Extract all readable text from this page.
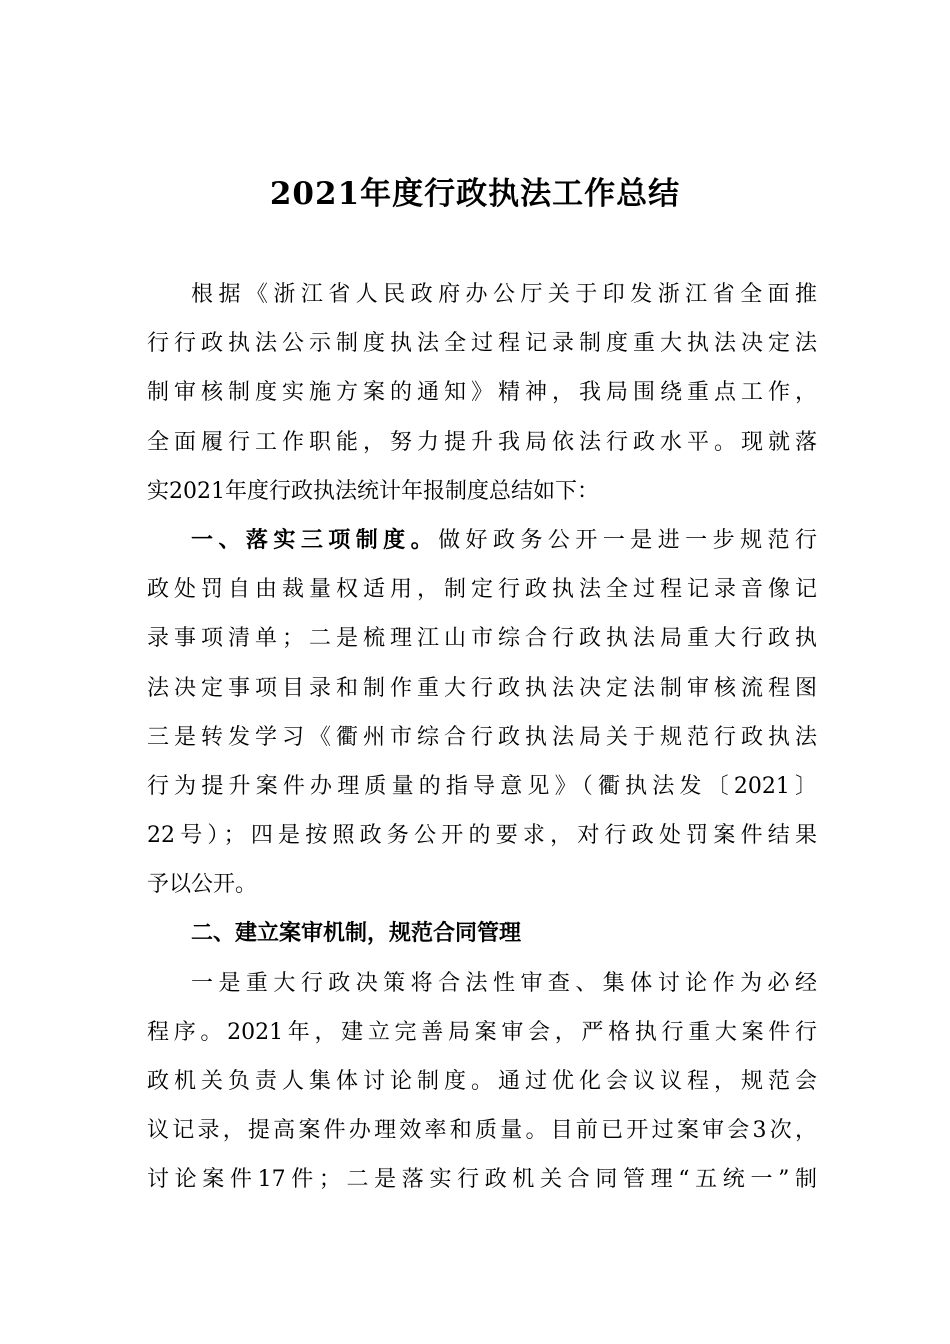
2021年度行政执法工作总结
根据《浙江省人民政府办公厅关于印发浙江省全面推
行行政执法公示制度执法全过程记录制度重大执法决定法
制审核制度实施方案的通知》精神，我局围绕重点工作，
全面履行工作职能，努力提升我局依法行政水平。现就落
实2021年度行政执法统计年报制度总结如下：
一、落实三项制度。做好政务公开一是进一步规范行
政处罚自由裁量权适用，制定行政执法全过程记录音像记
录事项清单；二是梳理江山市综合行政执法局重大行政执
法决定事项目录和制作重大行政执法决定法制审核流程图
三是转发学习《衢州市综合行政执法局关于规范行政执法
行为提升案件办理质量的指导意见》（衢执法发〔2021〕
22号）；四是按照政务公开的要求，对行政处罚案件结果
予以公开。
二、建立案审机制，规范合同管理
一是重大行政决策将合法性审查、集体讨论作为必经
程序。2021年，建立完善局案审会，严格执行重大案件行
政机关负责人集体讨论制度。通过优化会议议程，规范会
议记录，提高案件办理效率和质量。目前已开过案审会3次，
讨论案件17件；二是落实行政机关合同管理“五统一”制
